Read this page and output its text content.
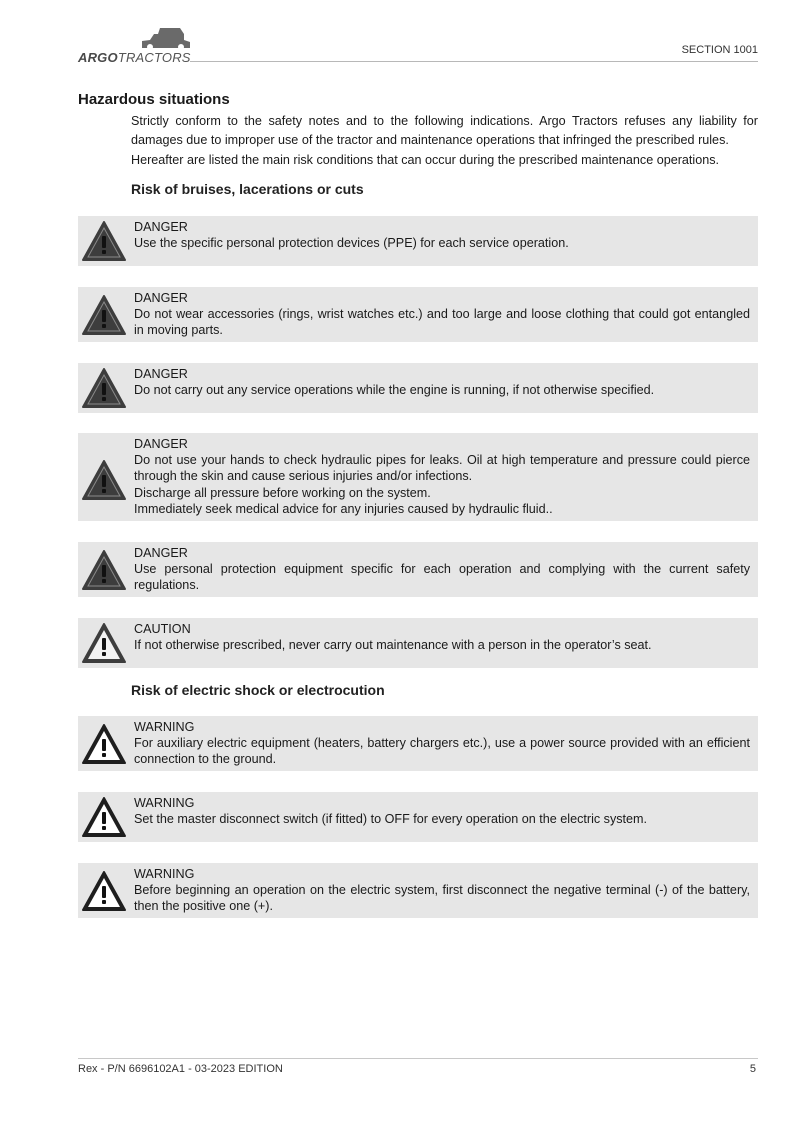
ARGOTRACTORS	SECTION 1001
Hazardous situations

Strictly conform to the safety notes and to the following indications. Argo Tractors refuses any liability for damages due to improper use of the tractor and maintenance operations that infringed the prescribed rules.

Hereafter are listed the main risk conditions that can occur during the prescribed maintenance operations.

Risk of bruises, lacerations or cuts
Risk of electric shock or electrocution
DANGER
Use the specific personal protection devices (PPE) for each service operation.
DANGER
Do not wear accessories (rings, wrist watches etc.) and too large and loose clothing that could got entangled in moving parts.
DANGER
Do not carry out any service operations while the engine is running, if not otherwise specified.
DANGER
Do not use your hands to check hydraulic pipes for leaks. Oil at high temperature and pressure could pierce through the skin and cause serious injuries and/or infections.
Discharge all pressure before working on the system.
Immediately seek medical advice for any injuries caused by hydraulic fluid..
DANGER
Use personal protection equipment specific for each operation and complying with the current safety regulations.
CAUTION
If not otherwise prescribed, never carry out maintenance with a person in the operator’s seat.
WARNING
For auxiliary electric equipment (heaters, battery chargers etc.), use a power source provided with an efficient connection to the ground.
WARNING
Set the master disconnect switch (if fitted) to OFF for every operation on the electric system.
WARNING
Before beginning an operation on the electric system, first disconnect the negative terminal (-) of the battery, then the positive one (+).
Rex - P/N 6696102A1 - 03-2023 EDITION	5
